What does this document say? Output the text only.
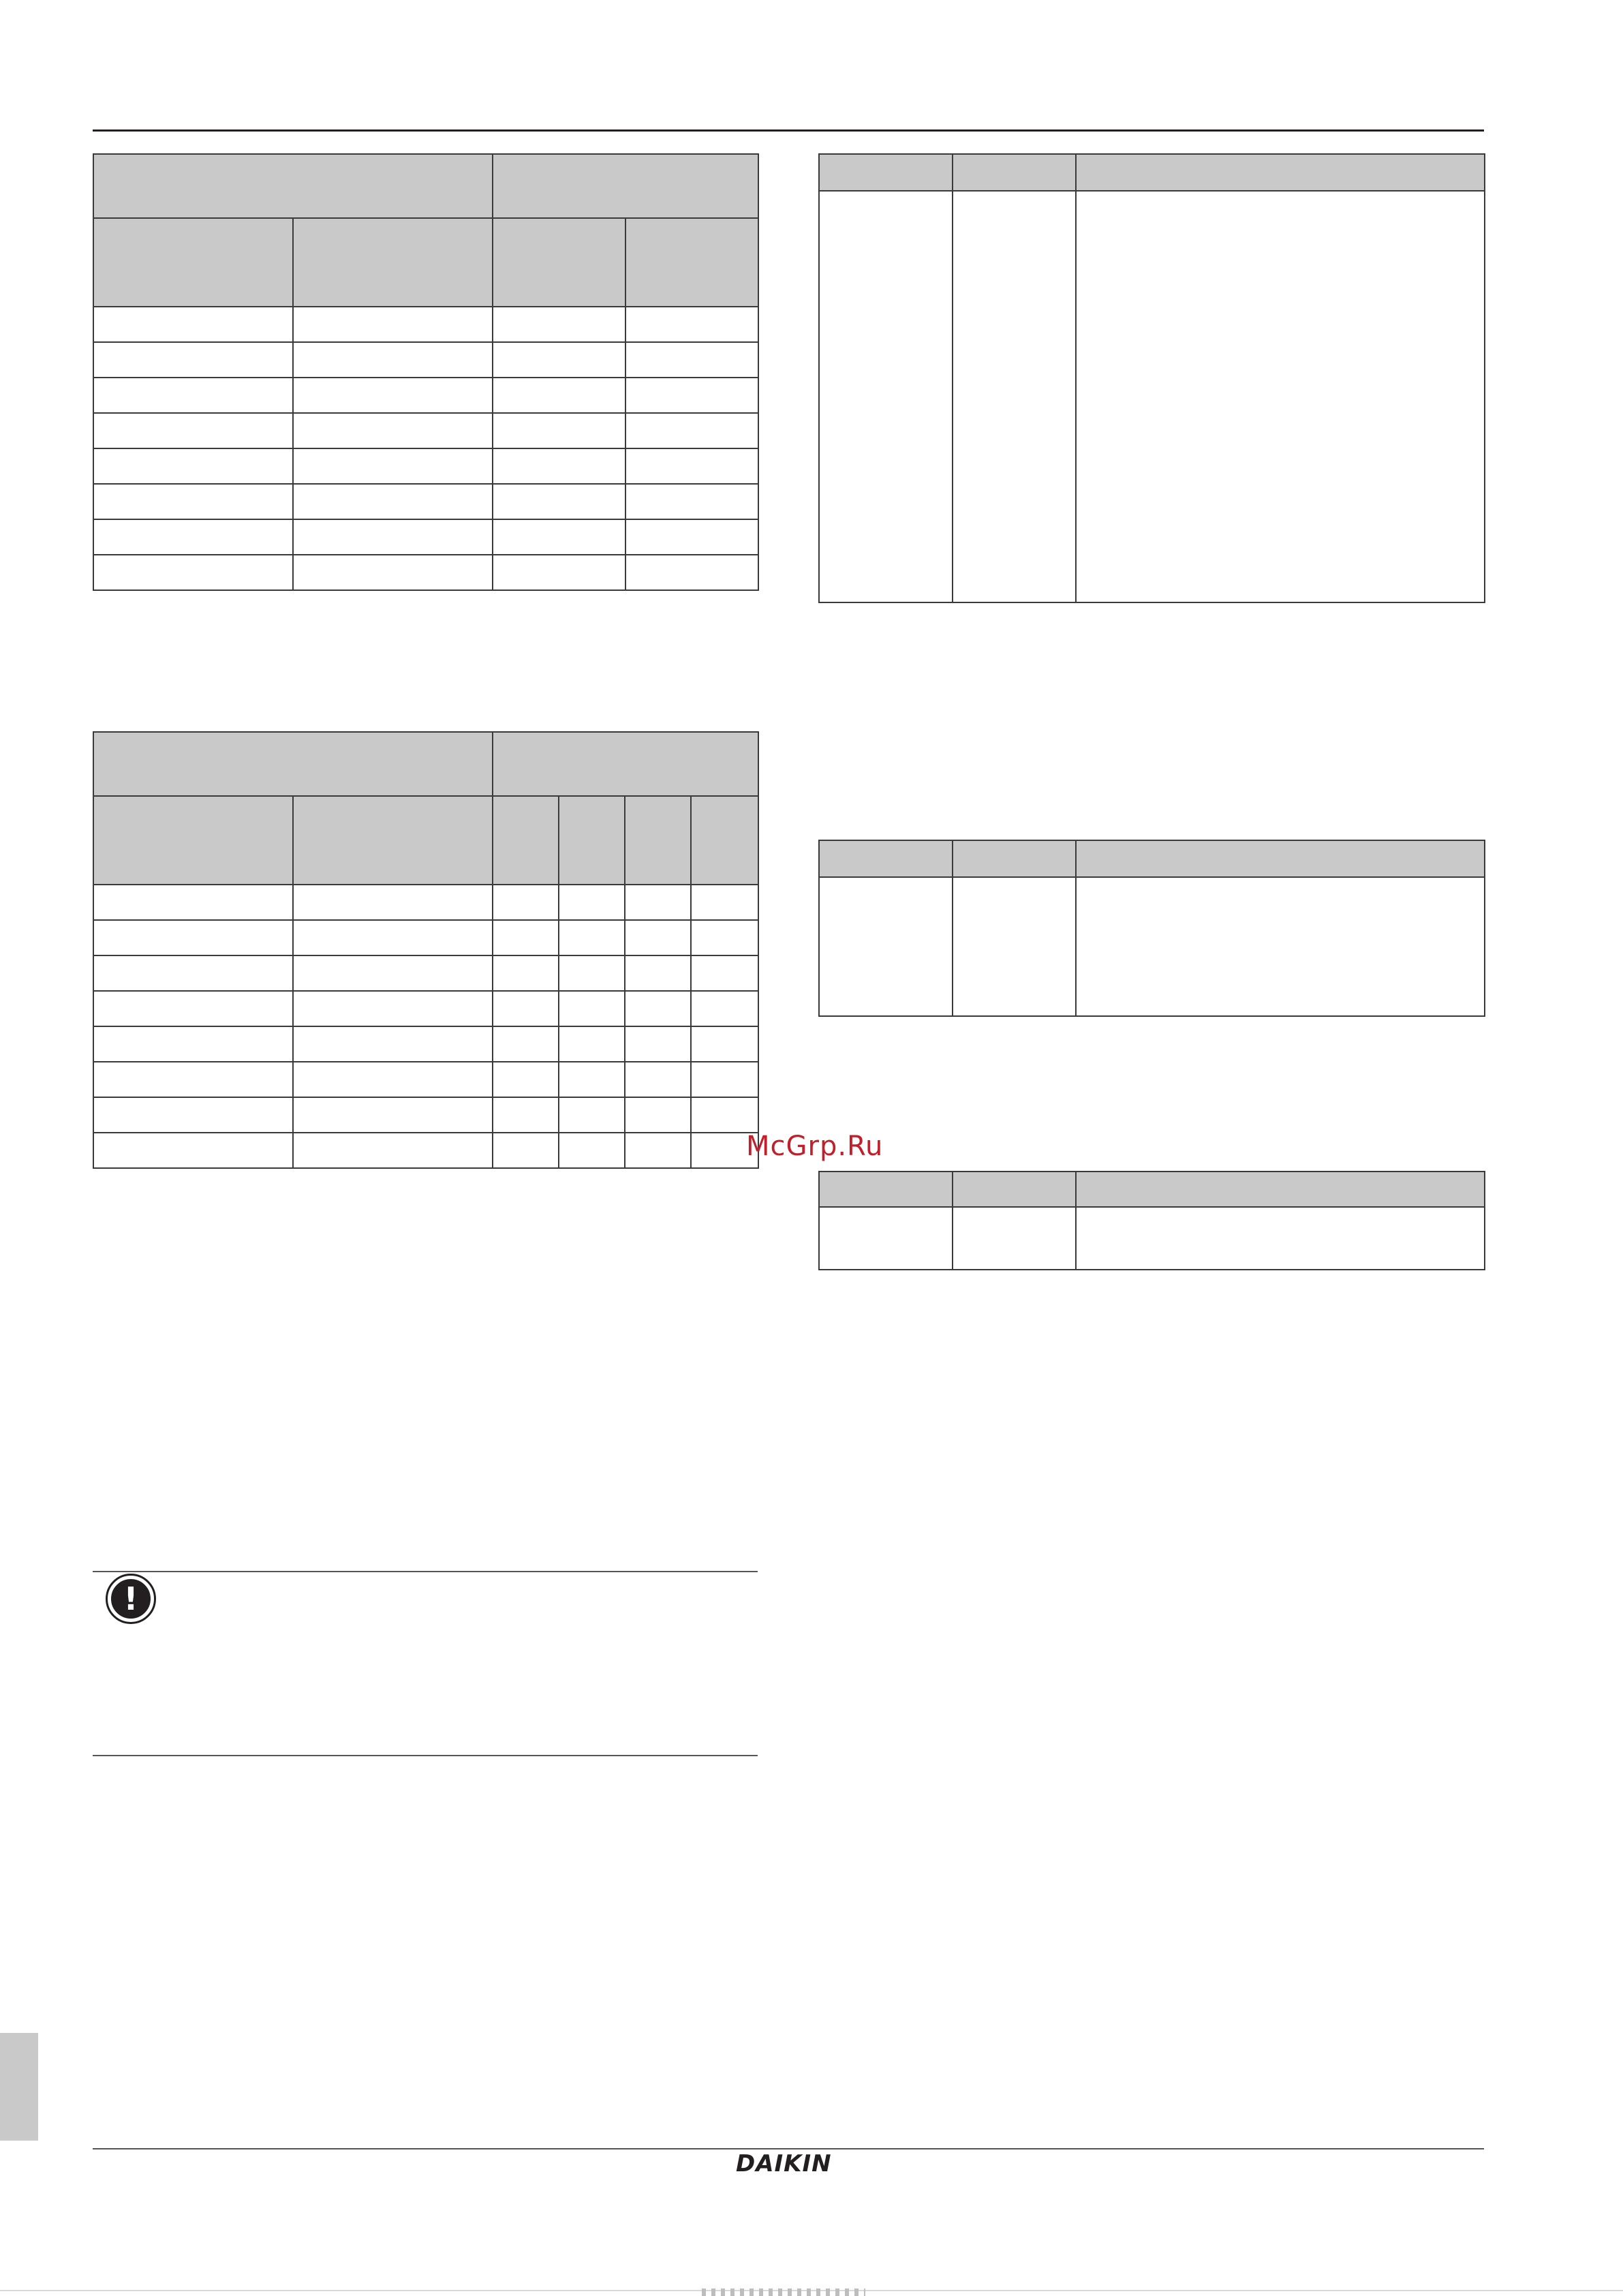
McGrp.Ru
!
DAIKIN
